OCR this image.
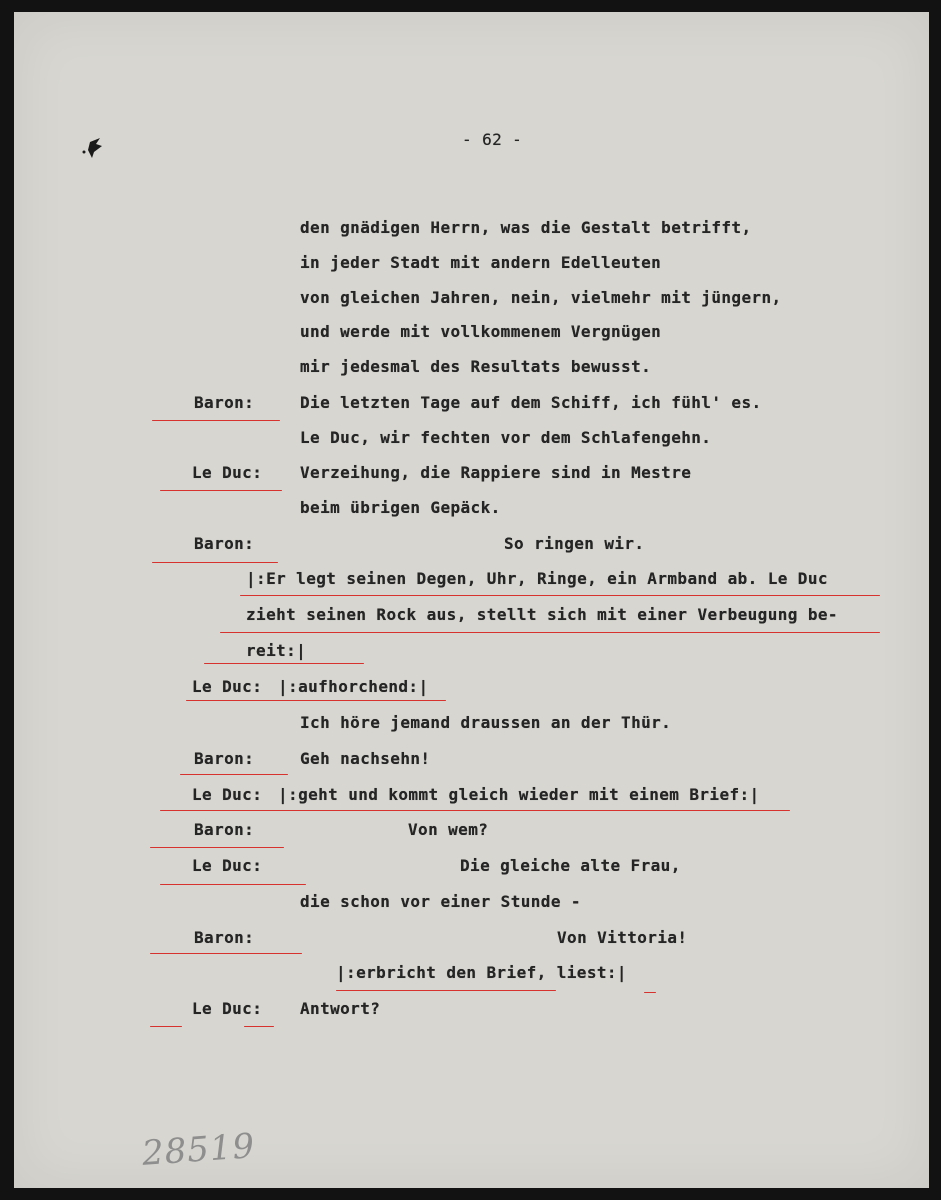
- 62 -
den gnädigen Herrn, was die Gestalt betrifft,
in jeder Stadt mit andern Edelleuten
von gleichen Jahren, nein, vielmehr mit jüngern,
und werde mit vollkommenem Vergnügen
mir jedesmal des Resultats bewusst.
Baron:	Die letzten Tage auf dem Schiff, ich fühl' es.
Le Duc, wir fechten vor dem Schlafengehn.
Le Duc: Verzeihung, die Rappiere sind in Mestre
beim übrigen Gepäck.
Baron:	So ringen wir.
|:Er legt seinen Degen, Uhr, Ringe, ein Armband ab. Le Duc
zieht seinen Rock aus, stellt sich mit einer Verbeugung be-
reit:|
Le Duc: |:aufhorchend:|
Ich höre jemand draussen an der Thür.
Baron:	Geh nachsehn!
Le Duc: |:geht und kommt gleich wieder mit einem Brief:|
Baron:	Von wem?
Le Duc:	Die gleiche alte Frau,
die schon vor einer Stunde -
Baron:	Von Vittoria!
|:erbricht den Brief, liest:|
Le Duc: Antwort?
28519
